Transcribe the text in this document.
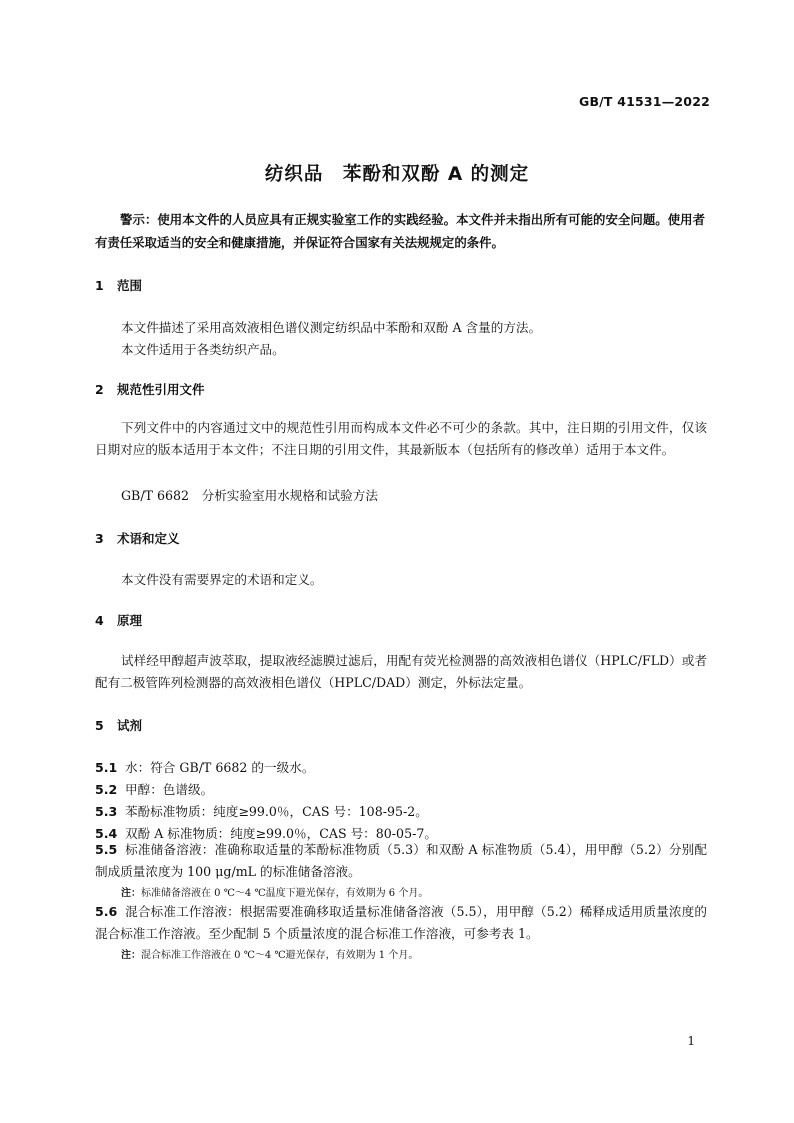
GB/T 41531—2022
纺织品　苯酚和双酚 A 的测定
警示：使用本文件的人员应具有正规实验室工作的实践经验。本文件并未指出所有可能的安全问题。使用者有责任采取适当的安全和健康措施，并保证符合国家有关法规规定的条件。
1 范围
本文件描述了采用高效液相色谱仪测定纺织品中苯酚和双酚 A 含量的方法。
本文件适用于各类纺织产品。
2 规范性引用文件
下列文件中的内容通过文中的规范性引用而构成本文件必不可少的条款。其中，注日期的引用文件，仅该日期对应的版本适用于本文件；不注日期的引用文件，其最新版本（包括所有的修改单）适用于本文件。
GB/T 6682　分析实验室用水规格和试验方法
3 术语和定义
本文件没有需要界定的术语和定义。
4 原理
试样经甲醇超声波萃取，提取液经滤膜过滤后，用配有荧光检测器的高效液相色谱仪（HPLC/FLD）或者配有二极管阵列检测器的高效液相色谱仪（HPLC/DAD）测定，外标法定量。
5 试剂
5.1 水：符合 GB/T 6682 的一级水。
5.2 甲醇：色谱级。
5.3 苯酚标准物质：纯度≥99.0％，CAS 号：108-95-2。
5.4 双酚 A 标准物质：纯度≥99.0％，CAS 号：80-05-7。
5.5 标准储备溶液：准确称取适量的苯酚标准物质（5.3）和双酚 A 标准物质（5.4），用甲醇（5.2）分别配制成质量浓度为 100 μg/mL 的标准储备溶液。
注：标准储备溶液在 0 ℃～4 ℃温度下避光保存，有效期为 6 个月。
5.6 混合标准工作溶液：根据需要准确移取适量标准储备溶液（5.5），用甲醇（5.2）稀释成适用质量浓度的混合标准工作溶液。至少配制 5 个质量浓度的混合标准工作溶液，可参考表 1。
注：混合标准工作溶液在 0 ℃～4 ℃避光保存，有效期为 1 个月。
1
